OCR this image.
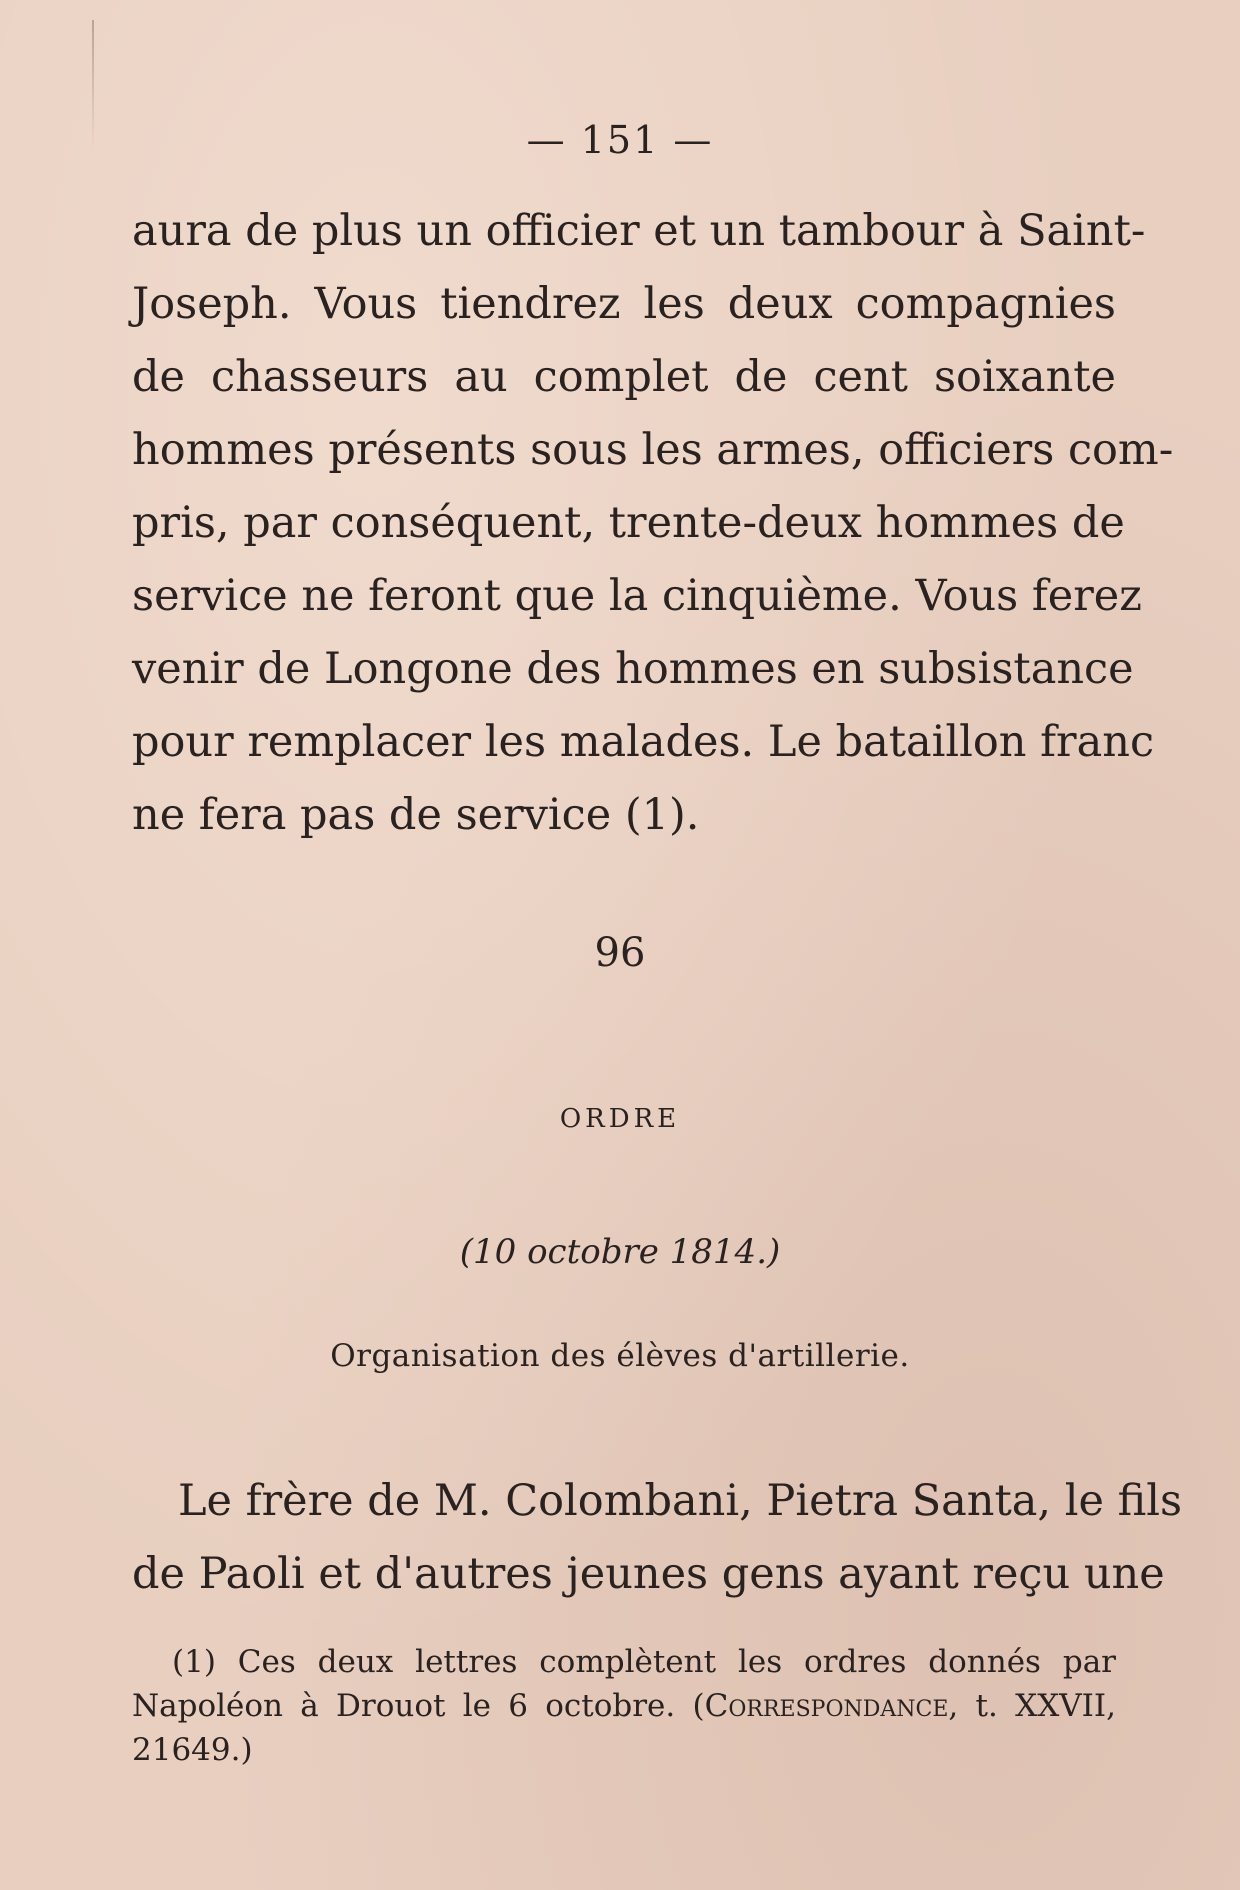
— 151 —
aura de plus un officier et un tambour à Saint-
Joseph. Vous tiendrez les deux compagnies
de chasseurs au complet de cent soixante
hommes présents sous les armes, officiers com-
pris, par conséquent, trente-deux hommes de
service ne feront que la cinquième. Vous ferez
venir de Longone des hommes en subsistance
pour remplacer les malades. Le bataillon franc
ne fera pas de service (1).
96
ORDRE
(10 octobre 1814.)
Organisation des élèves d'artillerie.
Le frère de M. Colombani, Pietra Santa, le fils
de Paoli et d'autres jeunes gens ayant reçu une
(1) Ces deux lettres complètent les ordres donnés par
Napoléon à Drouot le 6 octobre. (Correspondance, t. XXVII,
21649.)
